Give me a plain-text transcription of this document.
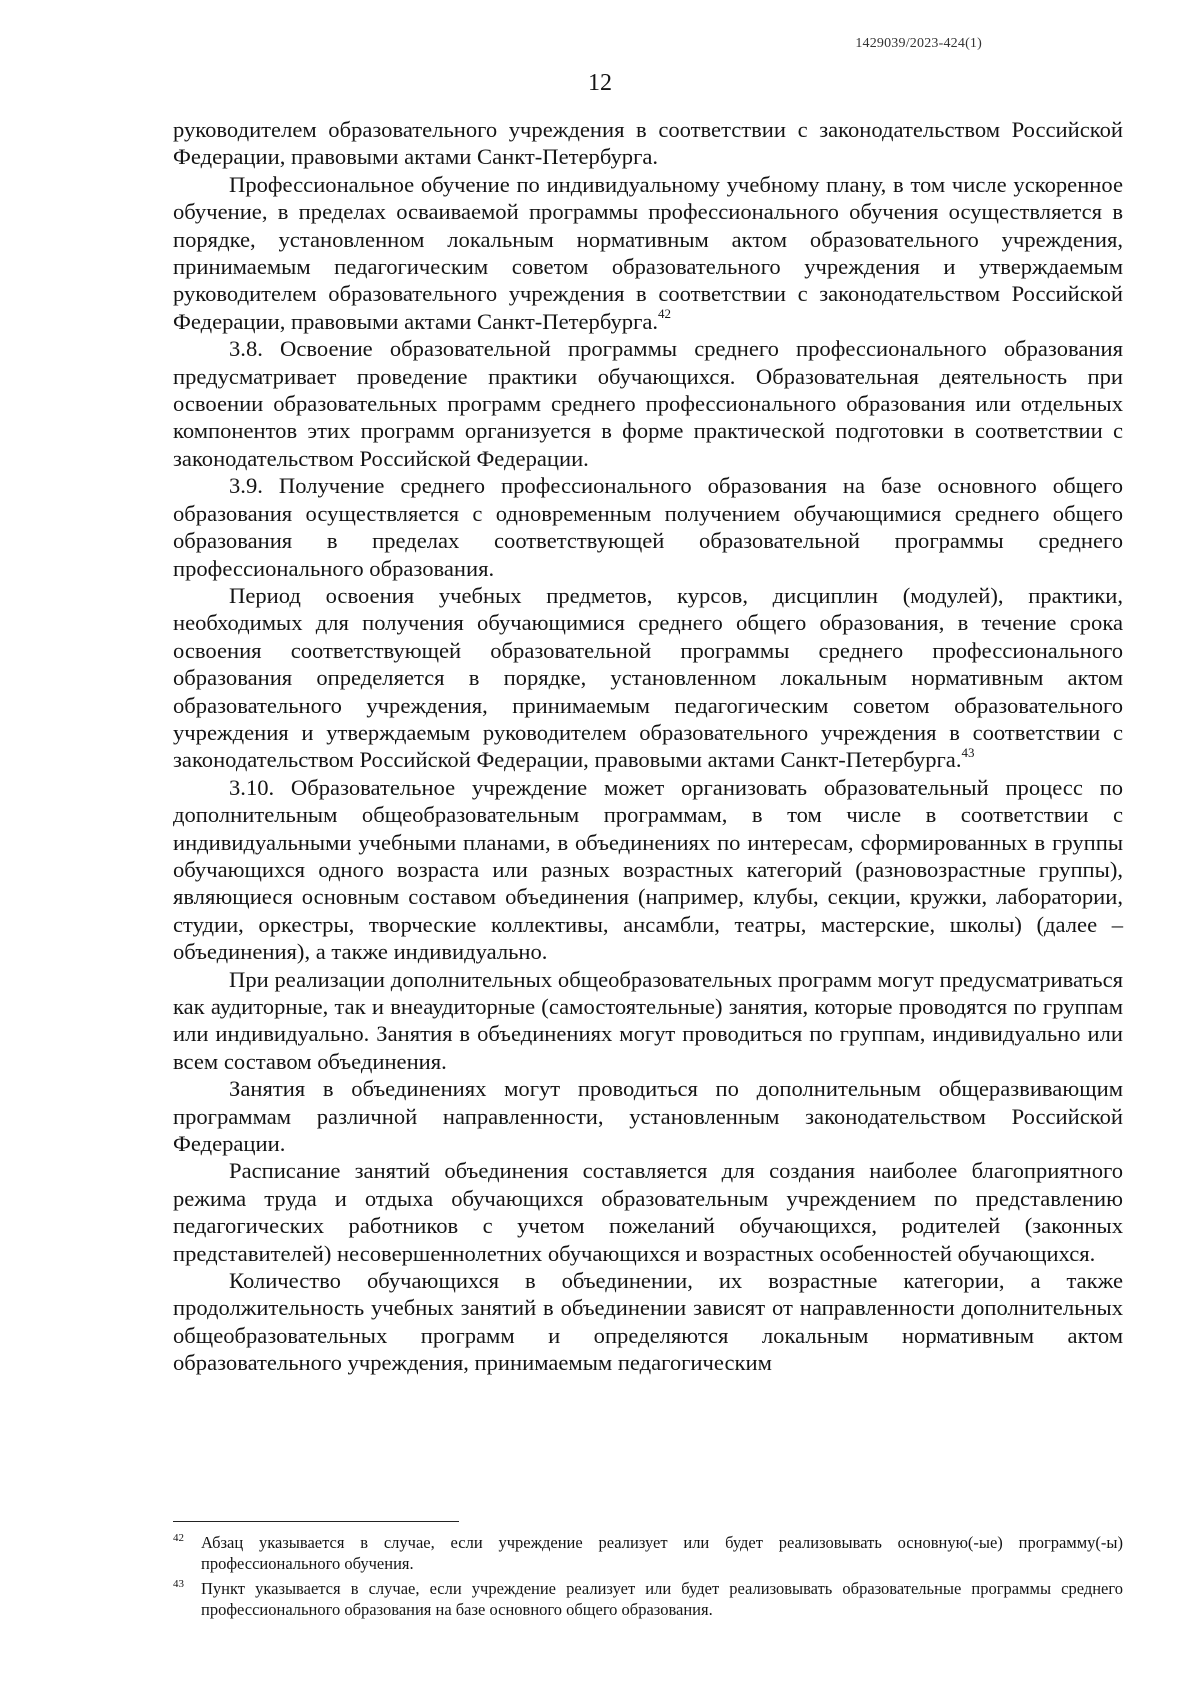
1429039/2023-424(1)
12

руководителем образовательного учреждения в соответствии с законодательством Российской Федерации, правовыми актами Санкт-Петербурга.

Профессиональное обучение по индивидуальному учебному плану, в том числе ускоренное обучение, в пределах осваиваемой программы профессионального обучения осуществляется в порядке, установленном локальным нормативным актом образовательного учреждения, принимаемым педагогическим советом образовательного учреждения и утверждаемым руководителем образовательного учреждения в соответствии с законодательством Российской Федерации, правовыми актами Санкт-Петербурга.$^{42}$

3.8. Освоение образовательной программы среднего профессионального образования предусматривает проведение практики обучающихся. Образовательная деятельность при освоении образовательных программ среднего профессионального образования или отдельных компонентов этих программ организуется в форме практической подготовки в соответствии с законодательством Российской Федерации.

3.9. Получение среднего профессионального образования на базе основного общего образования осуществляется с одновременным получением обучающимися среднего общего образования в пределах соответствующей образовательной программы среднего профессионального образования.

Период освоения учебных предметов, курсов, дисциплин (модулей), практики, необходимых для получения обучающимися среднего общего образования, в течение срока освоения соответствующей образовательной программы среднего профессионального образования определяется в порядке, установленном локальным нормативным актом образовательного учреждения, принимаемым педагогическим советом образовательного учреждения и утверждаемым руководителем образовательного учреждения в соответствии с законодательством Российской Федерации, правовыми актами Санкт-Петербурга.$^{43}$

3.10. Образовательное учреждение может организовать образовательный процесс по дополнительным общеобразовательным программам, в том числе в соответствии с индивидуальными учебными планами, в объединениях по интересам, сформированных в группы обучающихся одного возраста или разных возрастных категорий (разновозрастные группы), являющиеся основным составом объединения (например, клубы, секции, кружки, лаборатории, студии, оркестры, творческие коллективы, ансамбли, театры, мастерские, школы) (далее – объединения), а также индивидуально.

При реализации дополнительных общеобразовательных программ могут предусматриваться как аудиторные, так и внеаудиторные (самостоятельные) занятия, которые проводятся по группам или индивидуально. Занятия в объединениях могут проводиться по группам, индивидуально или всем составом объединения.

Занятия в объединениях могут проводиться по дополнительным общеразвивающим программам различной направленности, установленным законодательством Российской Федерации.

Расписание занятий объединения составляется для создания наиболее благоприятного режима труда и отдыха обучающихся образовательным учреждением по представлению педагогических работников с учетом пожеланий обучающихся, родителей (законных представителей) несовершеннолетних обучающихся и возрастных особенностей обучающихся.

Количество обучающихся в объединении, их возрастные категории, а также продолжительность учебных занятий в объединении зависят от направленности дополнительных общеобразовательных программ и определяются локальным нормативным актом образовательного учреждения, принимаемым педагогическим

42 Абзац указывается в случае, если учреждение реализует или будет реализовывать основную(-ые) программу(-ы) профессионального обучения.
43 Пункт указывается в случае, если учреждение реализует или будет реализовывать образовательные программы среднего профессионального образования на базе основного общего образования.
